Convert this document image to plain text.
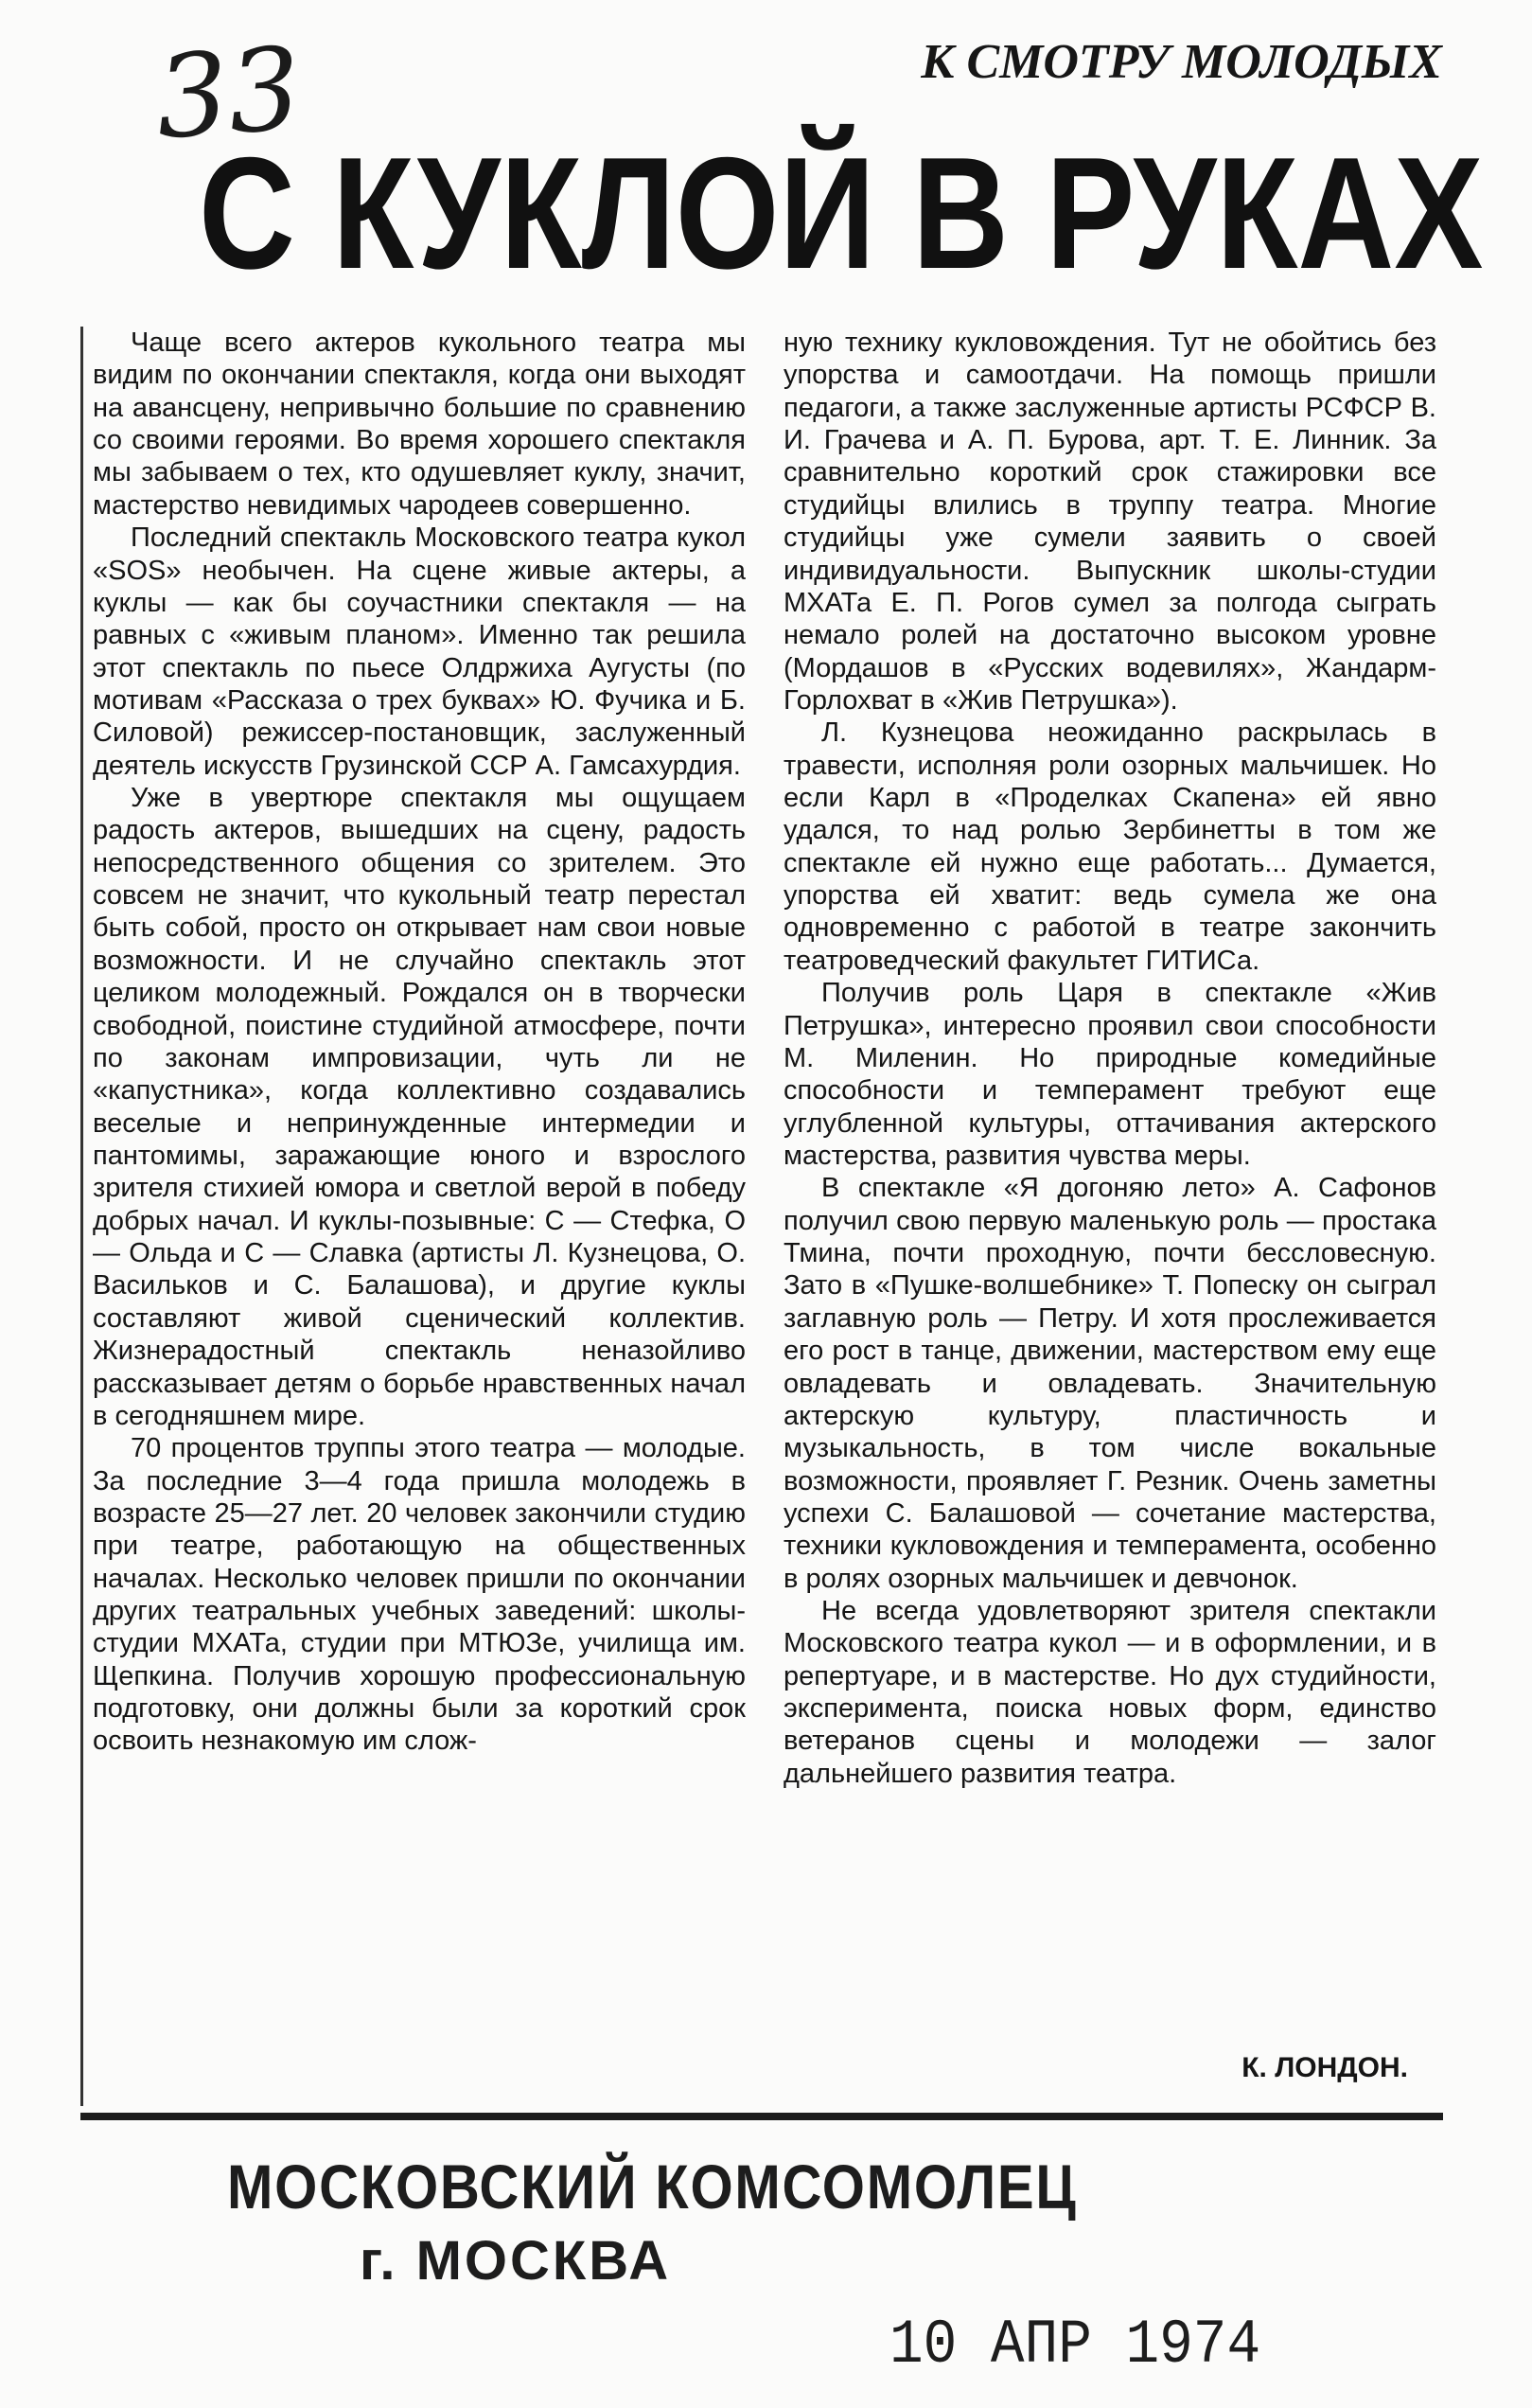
33	К СМОТРУ МОЛОДЫХ
С КУКЛОЙ В РУКАХ

Чаще всего актеров кукольного театра мы видим по окончании спектакля, когда они выходят на авансцену, непривычно большие по сравнению со своими героями. Во время хорошего спектакля мы забываем о тех, кто одушевляет куклу, значит, мастерство невидимых чародеев совершенно.

Последний спектакль Московского театра кукол «SOS» необычен. На сцене живые актеры, а куклы — как бы соучастники спектакля — на равных с «живым планом». Именно так решила этот спектакль по пьесе Олдржиха Аугусты (по мотивам «Рассказа о трех буквах» Ю. Фучика и Б. Силовой) режиссер-постановщик, заслуженный деятель искусств Грузинской ССР А. Гамсахурдия.

Уже в увертюре спектакля мы ощущаем радость актеров, вышедших на сцену, радость непосредственного общения со зрителем. Это совсем не значит, что кукольный театр перестал быть собой, просто он открывает нам свои новые возможности. И не случайно спектакль этот целиком молодежный. Рождался он в творчески свободной, поистине студийной атмосфере, почти по законам импровизации, чуть ли не «капустника», когда коллективно создавались веселые и непринужденные интермедии и пантомимы, заражающие юного и взрослого зрителя стихией юмора и светлой верой в победу добрых начал. И куклы-позывные: С — Стефка, О — Ольда и С — Славка (артисты Л. Кузнецова, О. Васильков и С. Балашова), и другие куклы составляют живой сценический коллектив. Жизнерадостный спектакль неназойливо рассказывает детям о борьбе нравственных начал в сегодняшнем мире.

70 процентов труппы этого театра — молодые. За последние 3—4 года пришла молодежь в возрасте 25—27 лет. 20 человек закончили студию при театре, работающую на общественных началах. Несколько человек пришли по окончании других театральных учебных заведений: школы-студии МХАТа, студии при МТЮЗе, училища им. Щепкина. Получив хорошую профессиональную подготовку, они должны были за короткий срок освоить незнакомую им слож-

ную технику кукловождения. Тут не обойтись без упорства и самоотдачи. На помощь пришли педагоги, а также заслуженные артисты РСФСР В. И. Грачева и А. П. Бурова, арт. Т. Е. Линник. За сравнительно короткий срок стажировки все студийцы влились в труппу театра. Многие студийцы уже сумели заявить о своей индивидуальности. Выпускник школы-студии МХАТа Е. П. Рогов сумел за полгода сыграть немало ролей на достаточно высоком уровне (Мордашов в «Русских водевилях», Жандарм-Горлохват в «Жив Петрушка»).

Л. Кузнецова неожиданно раскрылась в травести, исполняя роли озорных мальчишек. Но если Карл в «Проделках Скапена» ей явно удался, то над ролью Зербинетты в том же спектакле ей нужно еще работать... Думается, упорства ей хватит: ведь сумела же она одновременно с работой в театре закончить театроведческий факультет ГИТИСа.

Получив роль Царя в спектакле «Жив Петрушка», интересно проявил свои способности М. Миленин. Но природные комедийные способности и темперамент требуют еще углубленной культуры, оттачивания актерского мастерства, развития чувства меры.

В спектакле «Я догоняю лето» А. Сафонов получил свою первую маленькую роль — простака Тмина, почти проходную, почти бессловесную. Зато в «Пушке-волшебнике» Т. Попеску он сыграл заглавную роль — Петру. И хотя прослеживается его рост в танце, движении, мастерством ему еще овладевать и овладевать. Значительную актерскую культуру, пластичность и музыкальность, в том числе вокальные возможности, проявляет Г. Резник. Очень заметны успехи С. Балашовой — сочетание мастерства, техники кукловождения и темперамента, особенно в ролях озорных мальчишек и девчонок.

Не всегда удовлетворяют зрителя спектакли Московского театра кукол — и в оформлении, и в репертуаре, и в мастерстве. Но дух студийности, эксперимента, поиска новых форм, единство ветеранов сцены и молодежи — залог дальнейшего развития театра.

К. ЛОНДОН.
МОСКОВСКИЙ КОМСОМОЛЕЦ
г. МОСКВА
10 АПР 1974
